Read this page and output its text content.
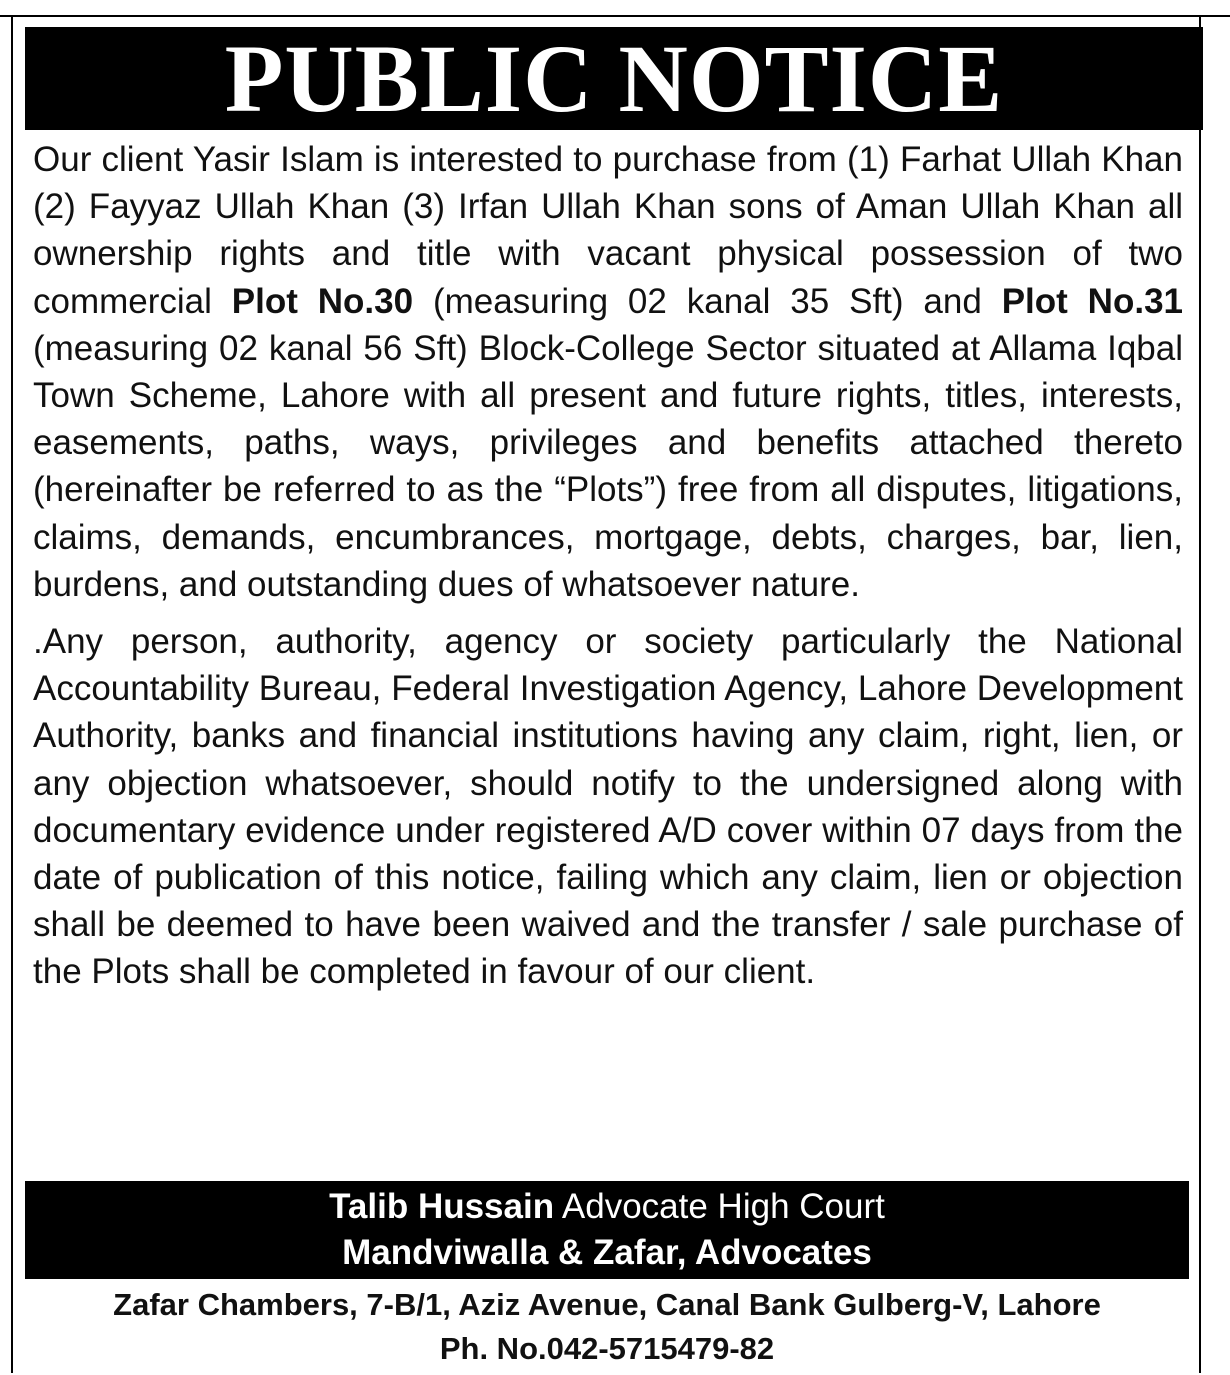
PUBLIC NOTICE

Our client Yasir Islam is interested to purchase from (1) Farhat Ullah Khan (2) Fayyaz Ullah Khan (3) Irfan Ullah Khan sons of Aman Ullah Khan all ownership rights and title with vacant physical possession of two commercial Plot No.30 (measuring 02 kanal 35 Sft) and Plot No.31 (measuring 02 kanal 56 Sft) Block-College Sector situated at Allama Iqbal Town Scheme, Lahore with all present and future rights, titles, interests, easements, paths, ways, privileges and benefits attached thereto (hereinafter be referred to as the “Plots”) free from all disputes, litigations, claims, demands, encumbrances, mortgage, debts, charges, bar, lien, burdens, and outstanding dues of whatsoever nature.

.Any person, authority, agency or society particularly the National Accountability Bureau, Federal Investigation Agency, Lahore Development Authority, banks and financial institutions having any claim, right, lien, or any objection whatsoever, should notify to the undersigned along with documentary evidence under registered A/D cover within 07 days from the date of publication of this notice, failing which any claim, lien or objection shall be deemed to have been waived and the transfer / sale purchase of the Plots shall be completed in favour of our client.

Talib Hussain Advocate High Court
Mandviwalla & Zafar, Advocates
Zafar Chambers, 7-B/1, Aziz Avenue, Canal Bank Gulberg-V, Lahore
Ph. No.042-5715479-82
